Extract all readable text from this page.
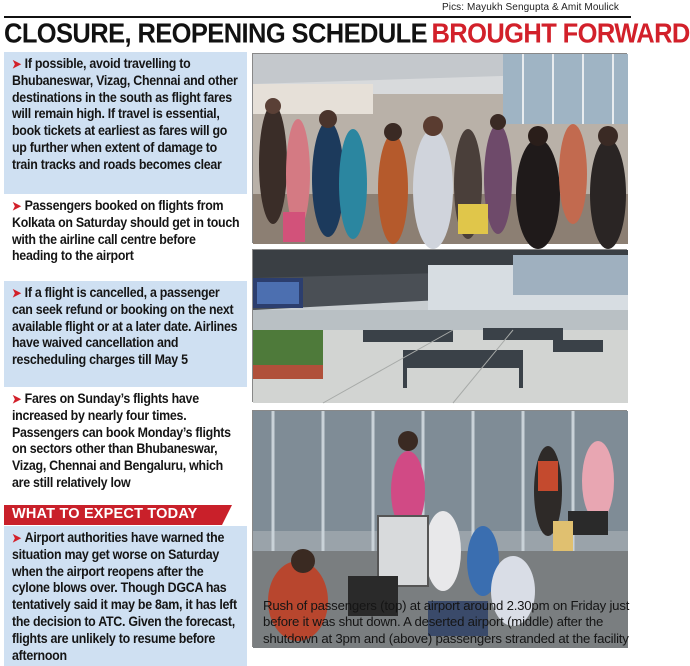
Pics: Mayukh Sengupta & Amit Moulick
CLOSURE, REOPENING SCHEDULE BROUGHT FORWARD
➤ If possible, avoid travelling to Bhubaneswar, Vizag, Chennai and other destinations in the south as flight fares will remain high. If travel is essential, book tickets at earliest as fares will go up further when extent of damage to train tracks and roads becomes clear
➤ Passengers booked on flights from Kolkata on Saturday should get in touch with the airline call centre before heading to the airport
➤ If a flight is cancelled, a passenger can seek refund or booking on the next available flight or at a later date. Airlines have waived cancellation and rescheduling charges till May 5
➤ Fares on Sunday’s flights have increased by nearly four times. Passengers can book Monday’s flights on sectors other than Bhubaneswar, Vizag, Chennai and Bengaluru, which are still relatively low
WHAT TO EXPECT TODAY
➤ Airport authorities have warned the situation may get worse on Saturday when the airport reopens after the cylone blows over. Though DGCA has tentatively said it may be 8am, it has left the decision to ATC. Given the forecast, flights are unlikely to resume before afternoon
Rush of passengers (top) at airport around 2.30pm on Friday just before it was shut down. A deserted airport (middle) after the shutdown at 3pm and (above) passengers stranded at the facility
